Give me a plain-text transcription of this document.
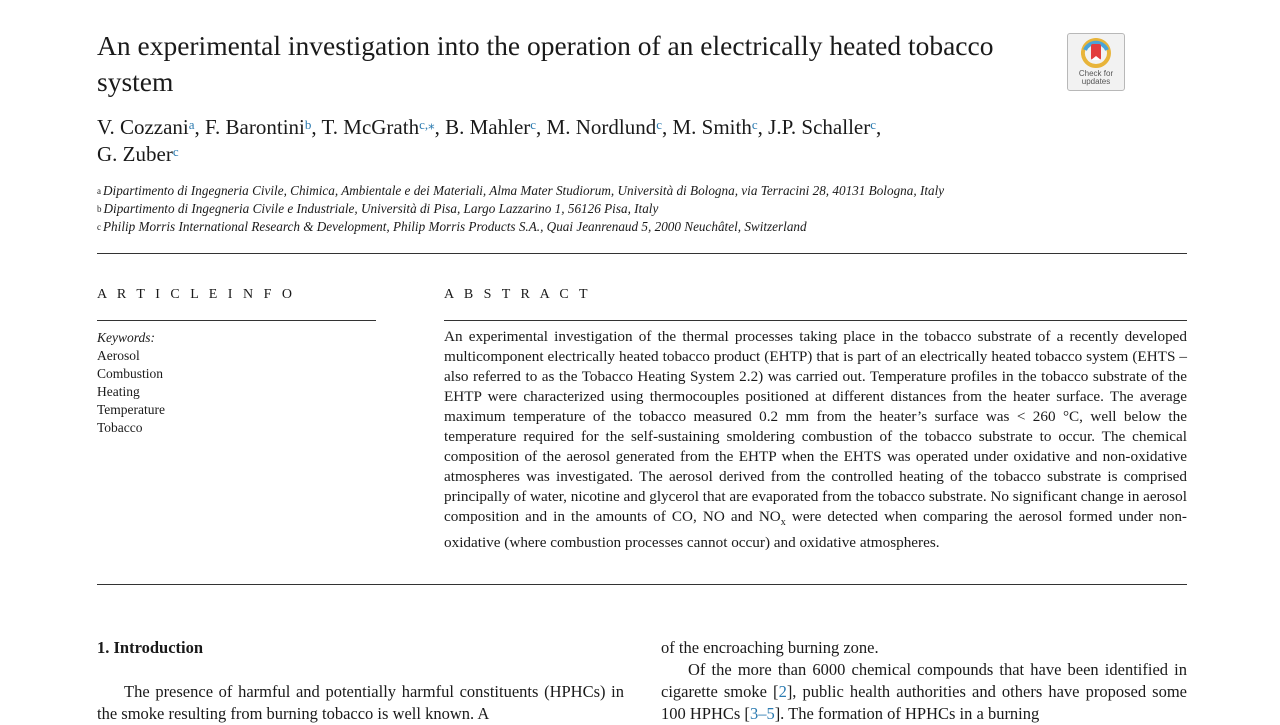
An experimental investigation into the operation of an electrically heated tobacco system	Check for updates
V. Cozzani$^a$, F. Barontini$^b$, T. McGrath$^{c,⁎}$, B. Mahler$^c$, M. Nordlund$^c$, M. Smith$^c$, J.P. Schaller$^c$,
G. Zuber$^c$
$^a$ Dipartimento di Ingegneria Civile, Chimica, Ambientale e dei Materiali, Alma Mater Studiorum, Università di Bologna, via Terracini 28, 40131 Bologna, Italy
$^b$ Dipartimento di Ingegneria Civile e Industriale, Università di Pisa, Largo Lazzarino 1, 56126 Pisa, Italy
$^c$ Philip Morris International Research & Development, Philip Morris Products S.A., Quai Jeanrenaud 5, 2000 Neuchâtel, Switzerland
A R T I C L E I N F O	A B S T R A C T
Keywords:
Aerosol
Combustion
Heating
Temperature
Tobacco
An experimental investigation of the thermal processes taking place in the tobacco substrate of a recently developed multicomponent electrically heated tobacco product (EHTP) that is part of an electrically heated tobacco system (EHTS – also referred to as the Tobacco Heating System 2.2) was carried out. Temperature profiles in the tobacco substrate of the EHTP were characterized using thermocouples positioned at different distances from the heater surface. The average maximum temperature of the tobacco measured 0.2 mm from the heater’s surface was < 260 °C, well below the temperature required for the self-sustaining smoldering combustion of the tobacco substrate to occur. The chemical composition of the aerosol generated from the EHTP when the EHTS was operated under oxidative and non-oxidative atmospheres was investigated. The aerosol derived from the controlled heating of the tobacco substrate is comprised principally of water, nicotine and glycerol that are evaporated from the tobacco substrate. No significant change in aerosol composition and in the amounts of CO, NO and $NO_x$ were detected when comparing the aerosol formed under non-oxidative (where combustion processes cannot occur) and oxidative atmospheres.
1. Introduction

The presence of harmful and potentially harmful constituents (HPHCs) in the smoke resulting from burning tobacco is well known. A

of the encroaching burning zone.

Of the more than 6000 chemical compounds that have been identified in cigarette smoke [2], public health authorities and others have proposed some 100 HPHCs [3–5]. The formation of HPHCs in a burning
